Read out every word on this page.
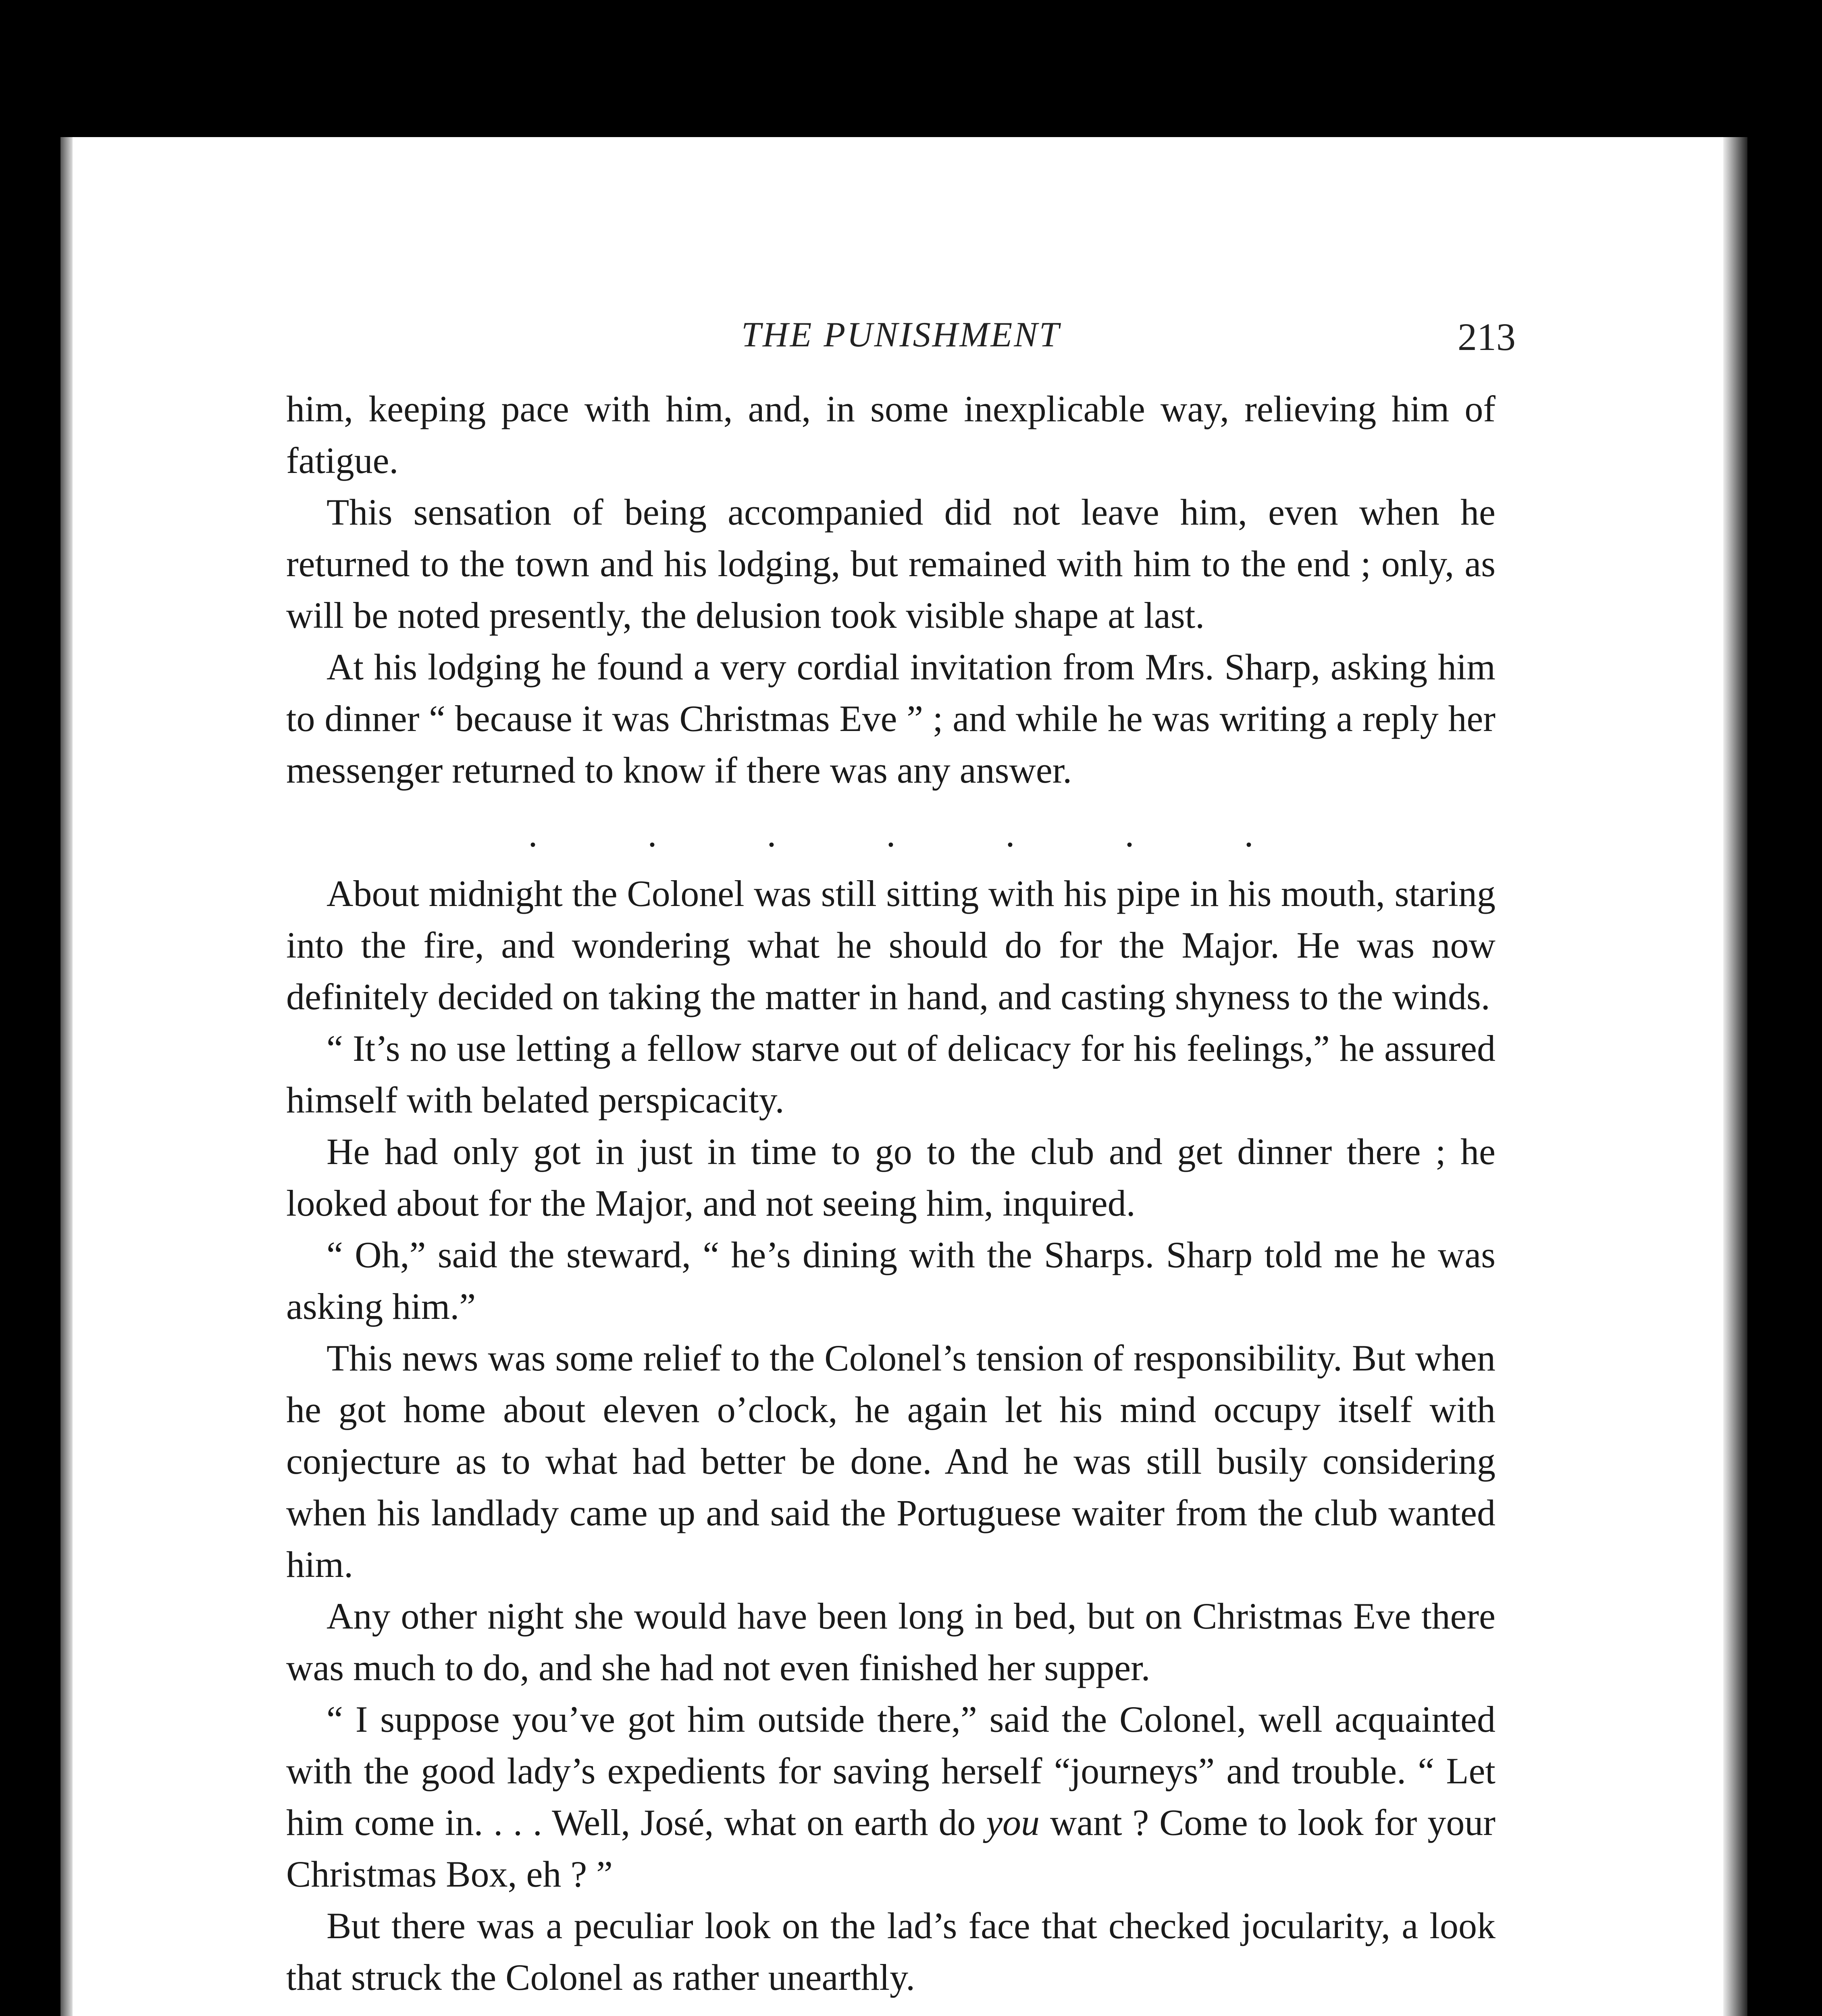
THE PUNISHMENT	213

him, keeping pace with him, and, in some inexplicable way, relieving him of fatigue.

This sensation of being accompanied did not leave him, even when he returned to the town and his lodging, but remained with him to the end ; only, as will be noted presently, the delusion took visible shape at last.

At his lodging he found a very cordial invitation from Mrs. Sharp, asking him to dinner “ because it was Christmas Eve ” ; and while he was writing a reply her messenger returned to know if there was any answer.

. . . . . . .

About midnight the Colonel was still sitting with his pipe in his mouth, staring into the fire, and wondering what he should do for the Major. He was now definitely decided on taking the matter in hand, and casting shyness to the winds.

“ It’s no use letting a fellow starve out of delicacy for his feelings,” he assured himself with belated perspicacity.

He had only got in just in time to go to the club and get dinner there ; he looked about for the Major, and not seeing him, inquired.

“ Oh,” said the steward, “ he’s dining with the Sharps. Sharp told me he was asking him.”

This news was some relief to the Colonel’s tension of responsibility. But when he got home about eleven o’clock, he again let his mind occupy itself with conjecture as to what had better be done. And he was still busily considering when his landlady came up and said the Portuguese waiter from the club wanted him.

Any other night she would have been long in bed, but on Christmas Eve there was much to do, and she had not even finished her supper.

“ I suppose you’ve got him outside there,” said the Colonel, well acquainted with the good lady’s expedients for saving herself “journeys” and trouble. “ Let him come in. . . . Well, José, what on earth do you want ? Come to look for your Christmas Box, eh ? ”

But there was a peculiar look on the lad’s face that checked jocularity, a look that struck the Colonel as rather unearthly.
